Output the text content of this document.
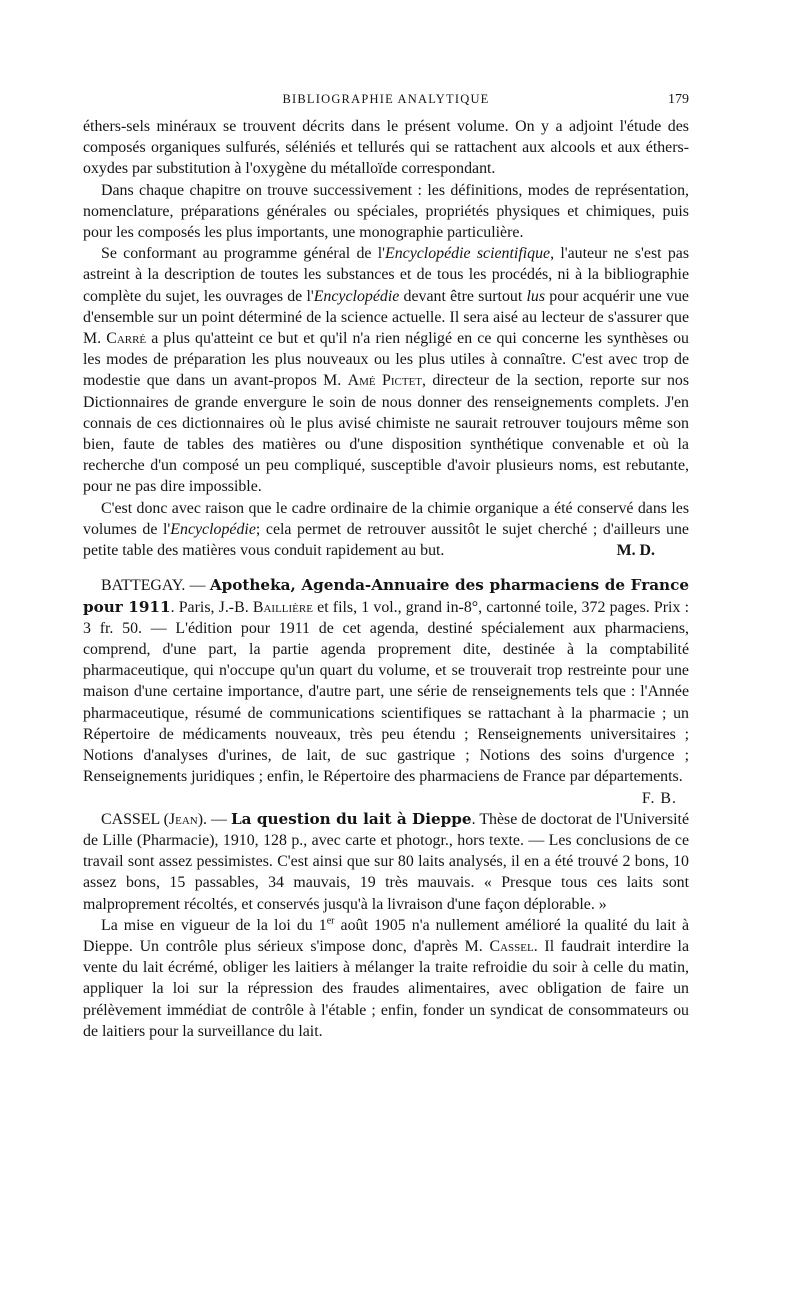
BIBLIOGRAPHIE ANALYTIQUE	179

éthers-sels minéraux se trouvent décrits dans le présent volume. On y a adjoint l'étude des composés organiques sulfurés, séléniés et tellurés qui se rattachent aux alcools et aux éthers-oxydes par substitution à l'oxygène du métalloïde correspondant.

Dans chaque chapitre on trouve successivement : les définitions, modes de représentation, nomenclature, préparations générales ou spéciales, propriétés physiques et chimiques, puis pour les composés les plus importants, une monographie particulière.

Se conformant au programme général de l'Encyclopédie scientifique, l'auteur ne s'est pas astreint à la description de toutes les substances et de tous les procédés, ni à la bibliographie complète du sujet, les ouvrages de l'Encyclopédie devant être surtout lus pour acquérir une vue d'ensemble sur un point déterminé de la science actuelle. Il sera aisé au lecteur de s'assurer que M. Carré a plus qu'atteint ce but et qu'il n'a rien négligé en ce qui concerne les synthèses ou les modes de préparation les plus nouveaux ou les plus utiles à connaître. C'est avec trop de modestie que dans un avant-propos M. Amé Pictet, directeur de la section, reporte sur nos Dictionnaires de grande envergure le soin de nous donner des renseignements complets. J'en connais de ces dictionnaires où le plus avisé chimiste ne saurait retrouver toujours même son bien, faute de tables des matières ou d'une disposition synthétique convenable et où la recherche d'un composé un peu compliqué, susceptible d'avoir plusieurs noms, est rebutante, pour ne pas dire impossible.

C'est donc avec raison que le cadre ordinaire de la chimie organique a été conservé dans les volumes de l'Encyclopédie; cela permet de retrouver aussitôt le sujet cherché ; d'ailleurs une petite table des matières vous conduit rapidement au but.	M. D.

BATTEGAY. — Apotheka, Agenda-Annuaire des pharmaciens de France pour 1911. Paris, J.-B. Baillière et fils, 1 vol., grand in-8°, cartonné toile, 372 pages. Prix : 3 fr. 50. — L'édition pour 1911 de cet agenda, destiné spécialement aux pharmaciens, comprend, d'une part, la partie agenda proprement dite, destinée à la comptabilité pharmaceutique, qui n'occupe qu'un quart du volume, et se trouverait trop restreinte pour une maison d'une certaine importance, d'autre part, une série de renseignements tels que : l'Année pharmaceutique, résumé de communications scientifiques se rattachant à la pharmacie ; un Répertoire de médicaments nouveaux, très peu étendu ; Renseignements universitaires ; Notions d'analyses d'urines, de lait, de suc gastrique ; Notions des soins d'urgence ; Renseignements juridiques ; enfin, le Répertoire des pharmaciens de France par départements.

F. B.

CASSEL (Jean). — La question du lait à Dieppe. Thèse de doctorat de l'Université de Lille (Pharmacie), 1910, 128 p., avec carte et photogr., hors texte. — Les conclusions de ce travail sont assez pessimistes. C'est ainsi que sur 80 laits analysés, il en a été trouvé 2 bons, 10 assez bons, 15 passables, 34 mauvais, 19 très mauvais. « Presque tous ces laits sont malproprement récoltés, et conservés jusqu'à la livraison d'une façon déplorable. »

La mise en vigueur de la loi du 1er août 1905 n'a nullement amélioré la qualité du lait à Dieppe. Un contrôle plus sérieux s'impose donc, d'après M. Cassel. Il faudrait interdire la vente du lait écrémé, obliger les laitiers à mélanger la traite refroidie du soir à celle du matin, appliquer la loi sur la répression des fraudes alimentaires, avec obligation de faire un prélèvement immédiat de contrôle à l'étable ; enfin, fonder un syndicat de consommateurs ou de laitiers pour la surveillance du lait.
